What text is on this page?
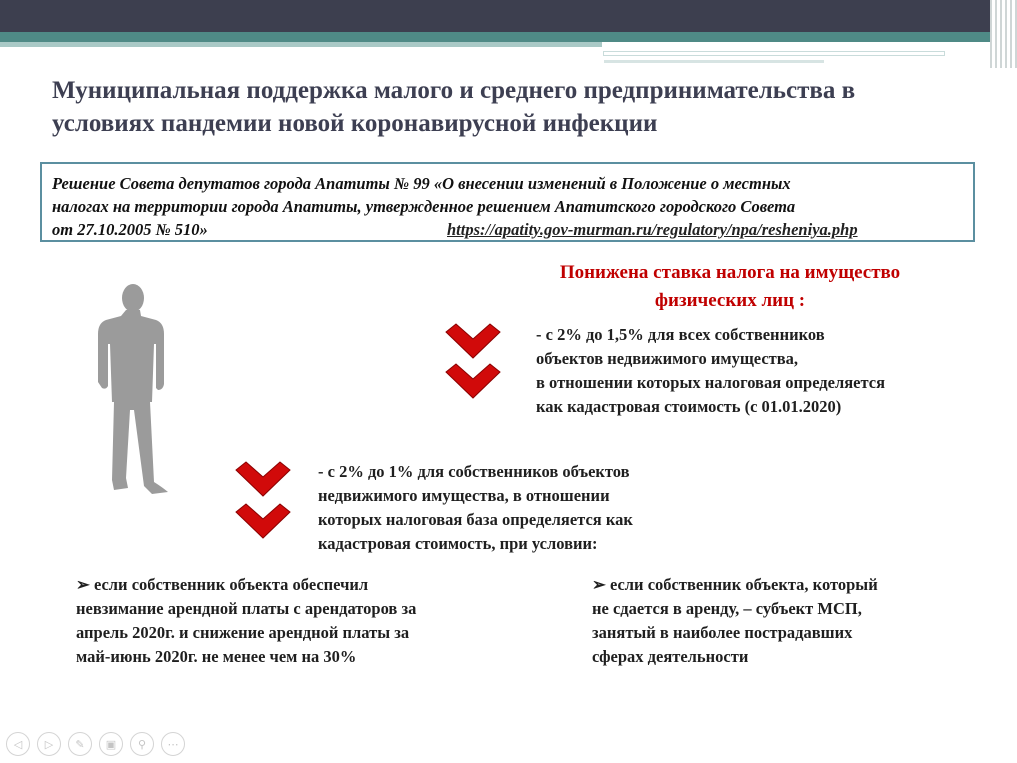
Муниципальная поддержка малого и среднего предпринимательства в
условиях пандемии новой коронавирусной инфекции
Решение Совета депутатов города Апатиты № 99 «О внесении изменений в Положение о местных
налогах на территории города Апатиты, утвержденное решением Апатитского городского Совета
от 27.10.2005 № 510»	https://apatity.gov-murman.ru/regulatory/npa/resheniya.php
Понижена ставка налога на имущество
физических лиц :
- с 2% до 1,5% для всех собственников
объектов недвижимого имущества,
в отношении которых налоговая определяется
как кадастровая стоимость (с 01.01.2020)
- с 2% до 1% для собственников объектов
недвижимого имущества, в отношении
которых налоговая база определяется как
кадастровая стоимость, при условии:
➢ если собственник объекта обеспечил
невзимание арендной платы с арендаторов за
апрель 2020г. и снижение арендной платы за
май-июнь 2020г. не менее чем на 30%
➢ если собственник объекта, который
не сдается в аренду, – субъект МСП,
занятый в наиболее пострадавших
сферах деятельности
◁	▷	✎	▣	⚲	⋯
